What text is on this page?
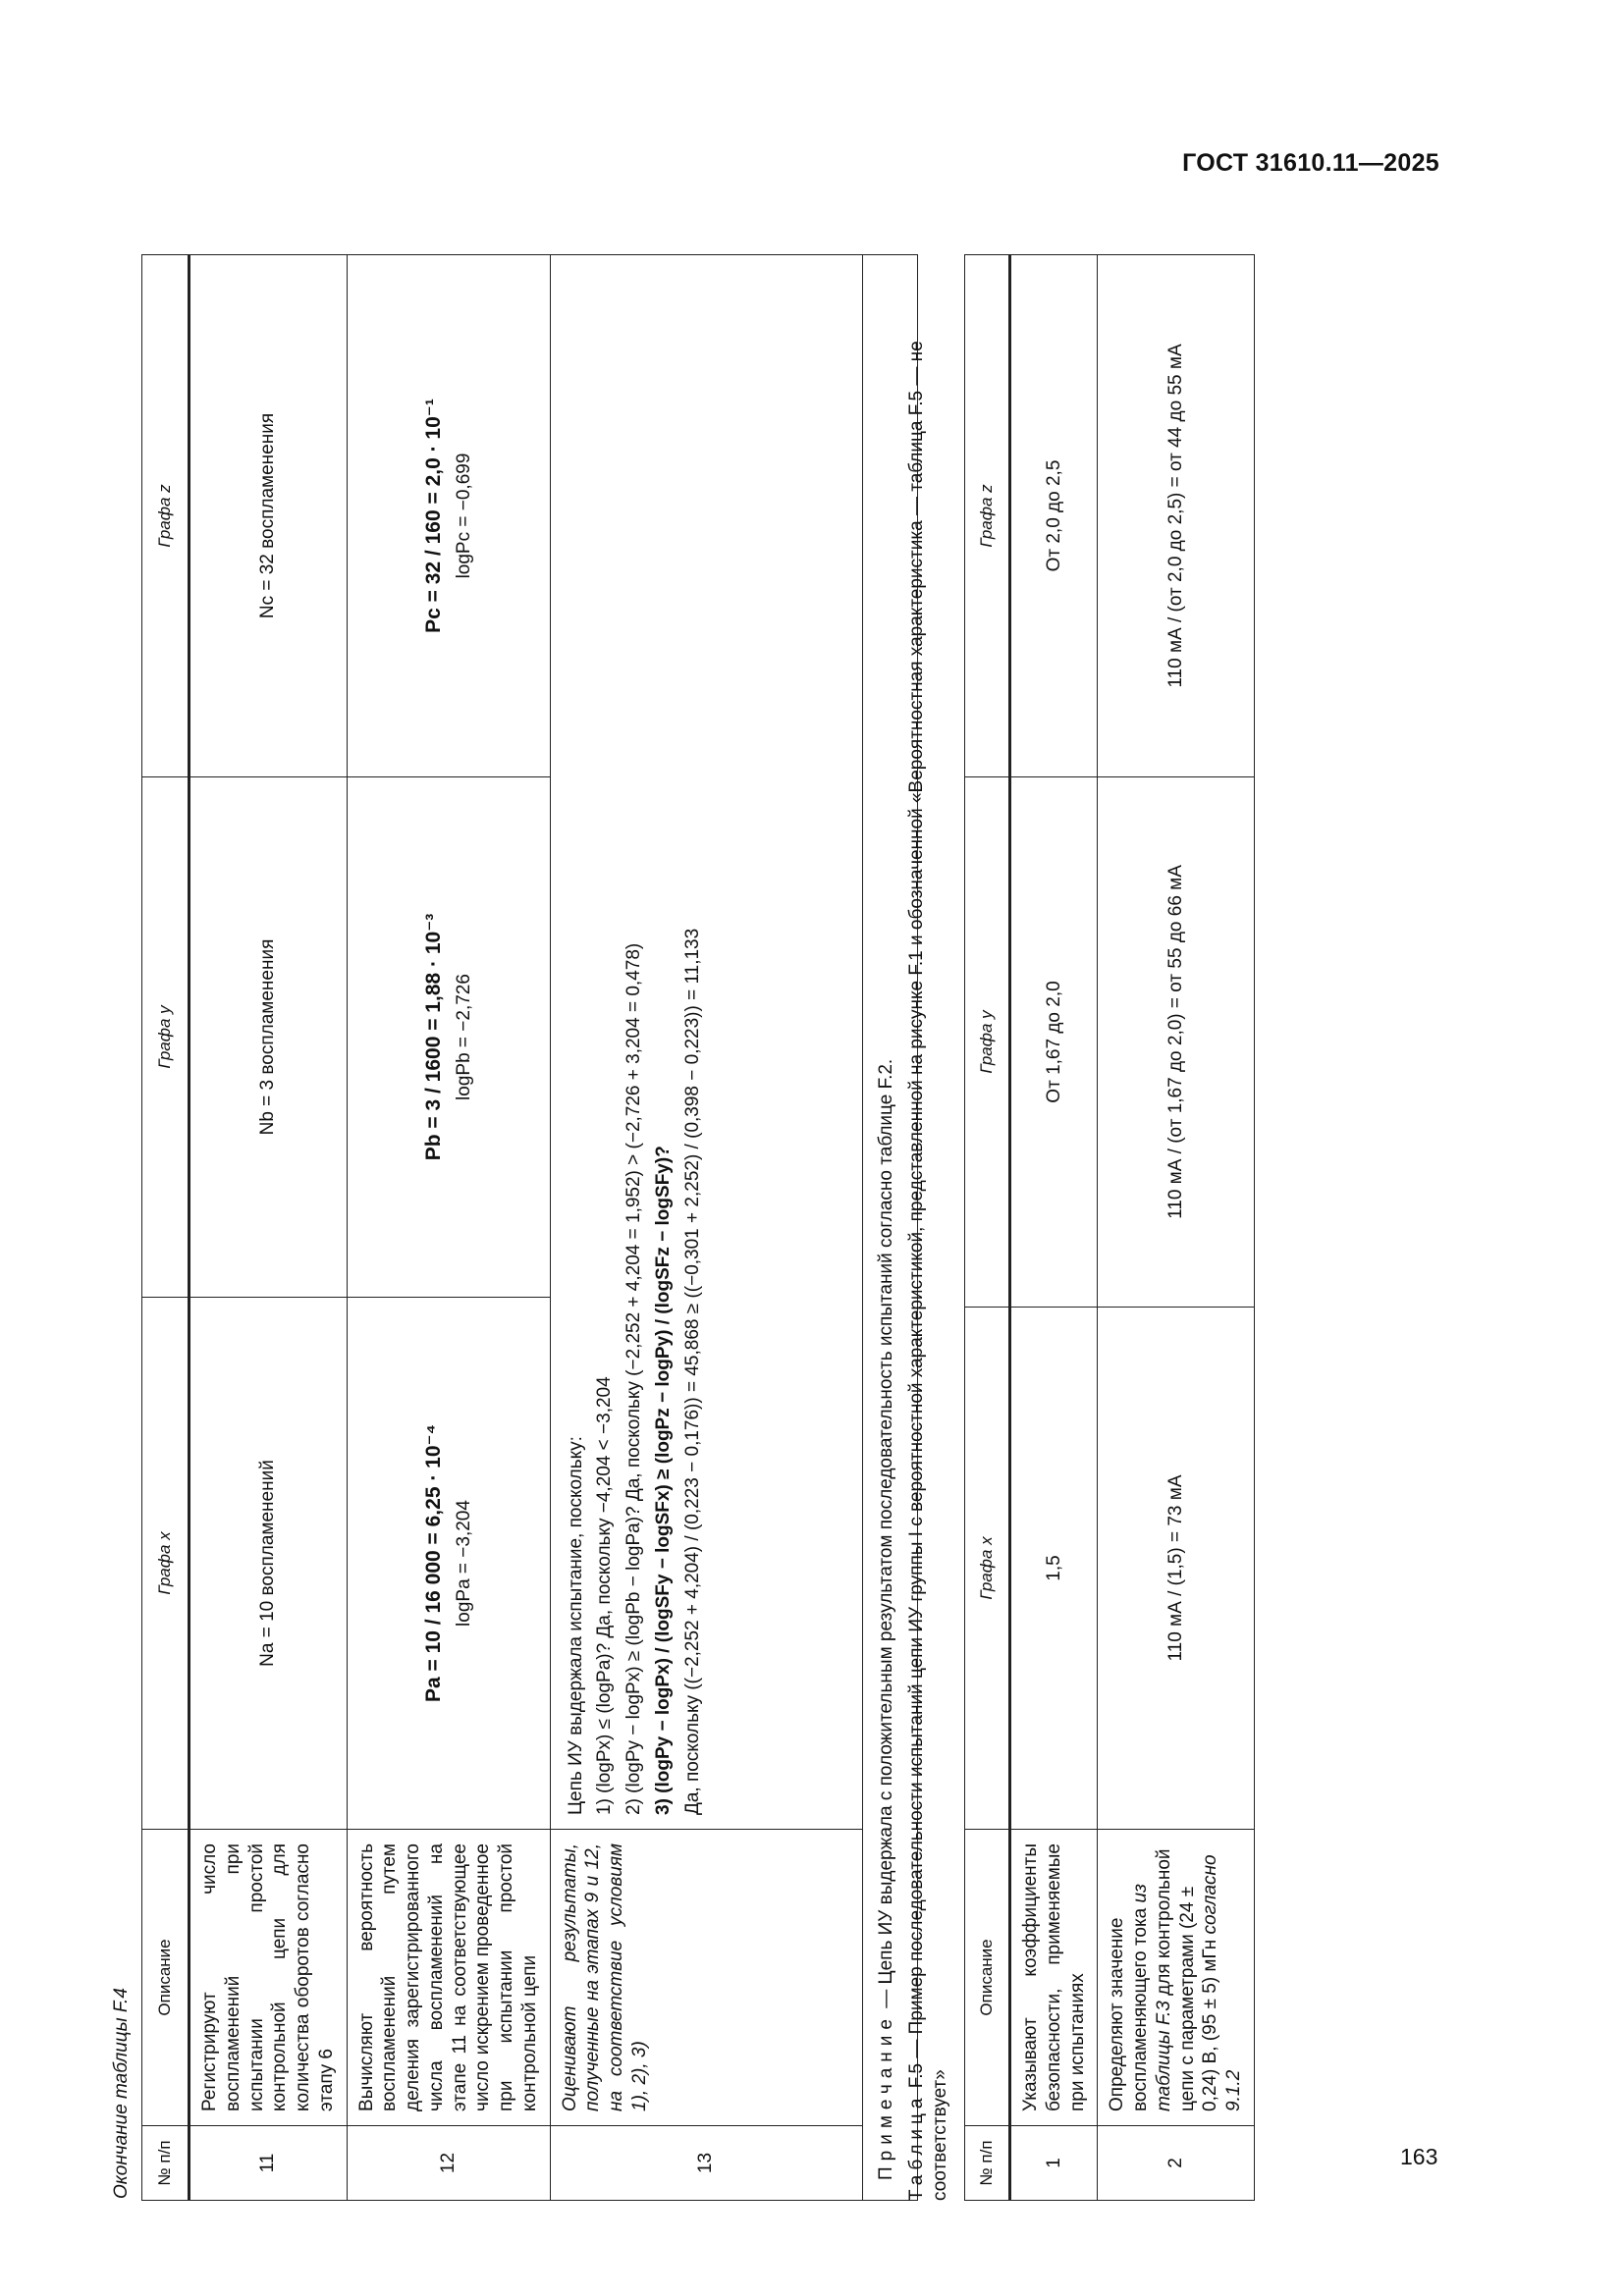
ГОСТ 31610.11—2025
163
Окончание таблицы F.4 № п/п	Описание	Графа x	Графа y	Графа z
11	Регистрируют число воспламенений при испытании простой контрольной цепи для количества оборотов согласно этапу 6	Na = 10 воспламенений	Nb = 3 воспламенения	Nc = 32 воспламенения
12	Вычисляют вероятность воспламенений путем деления зарегистрированного числа воспламенений на этапе 11 на соответствующее число искрением проведенное при испытании простой контрольной цепи	Pa = 10 / 16 000 = 6,25 · 10⁻⁴ logPa = −3,204	Pb = 3 / 1600 = 1,88 · 10⁻³ logPb = −2,726	Pc = 32 / 160 = 2,0 · 10⁻¹ logPc = −0,699

13	Оценивают результаты, полученные на этапах 9 и 12, на соответствие условиям 1), 2), 3)	Цепь ИУ выдержала испытание, поскольку: 1) (logPx) ≤ (logPa)? Да, поскольку −4,204 < −3,204 2) (logPy − logPx) ≥ (logPb − logPa)? Да, поскольку (−2,252 + 4,204 = 1,952) > (−2,726 + 3,204 = 0,478) 3) (logPy − logPx) / (logSFy − logSFx) ≥ (logPz − logPy) / (logSFz − logSFy)? Да, поскольку ((−2,252 + 4,204) / (0,223 − 0,176)) = 45,868 ≥ ((−0,301 + 2,252) / (0,398 − 0,223)) = 11,133		

Примечание — Цепь ИУ выдержала с положительным результатом последовательность испытаний согласно таблице F.2.				
Таблица F.5 — Пример последовательности испытаний цепи ИУ группы I с вероятностной характеристикой, представленной на рисунке F.1 и обозначенной «Вероятностная характеристика — таблица F.5 — не соответствует» № п/п	Описание	Графа x	Графа y	Графа z
1	Указывают коэффициенты безопасности, применяемые при испытаниях	1,5	От 1,67 до 2,0	От 2,0 до 2,5
2	Определяют значение воспламеняющего тока из таблицы F.3 для контрольной цепи с параметрами (24 ± 0,24) В, (95 ± 5) мГн согласно 9.1.2	110 мА / (1,5) = 73 мА	110 мА / (от 1,67 до 2,0) = от 55 до 66 мА	110 мА / (от 2,0 до 2,5) = от 44 до 55 мА
